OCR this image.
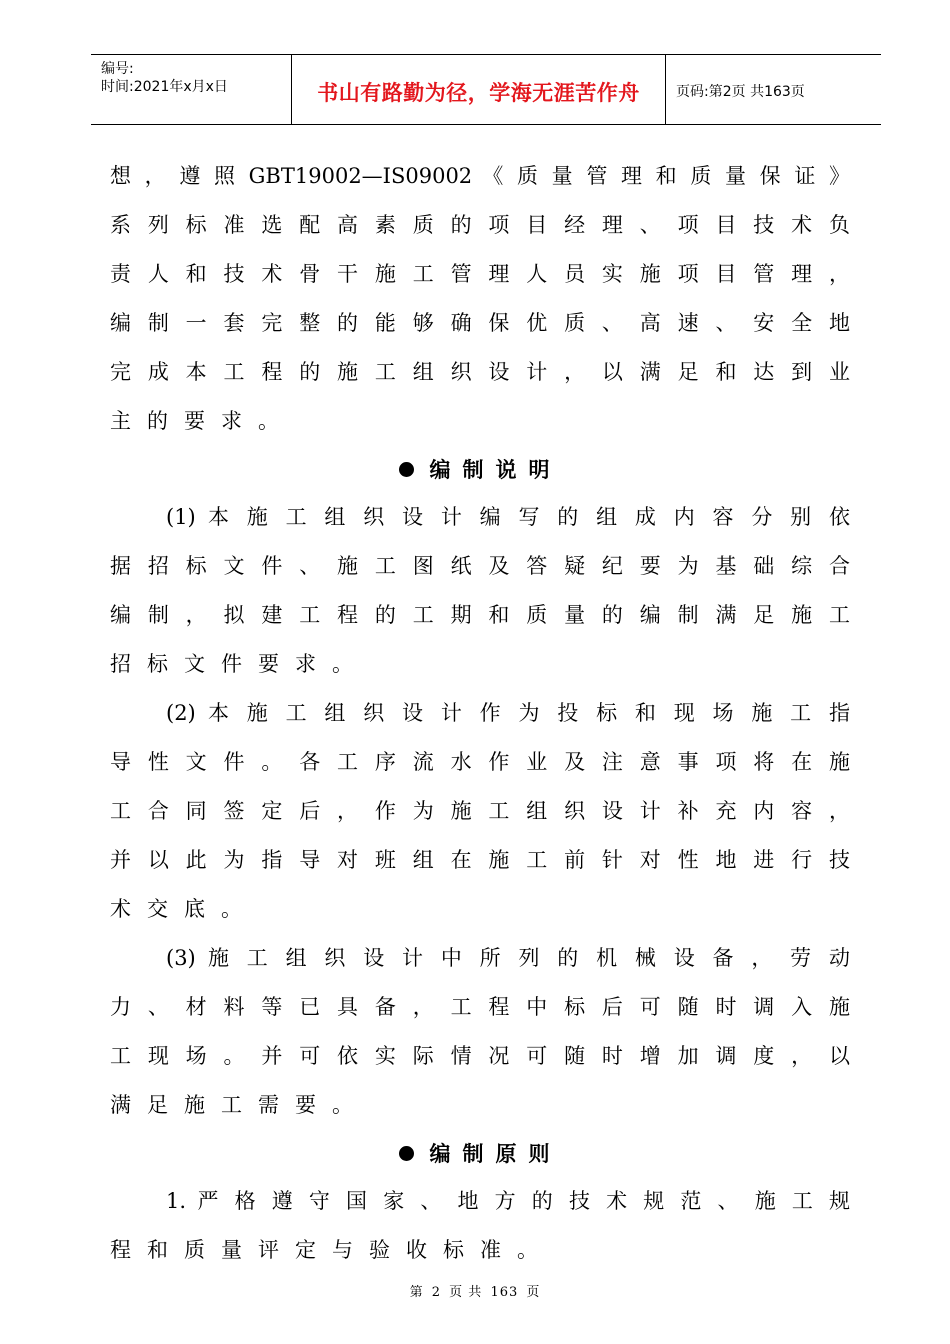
编号:
时间:2021年x月x日	书山有路勤为径，学海无涯苦作舟	页码:第2页 共163页
想 ， 遵 照 GBT19002—IS09002 《 质 量 管 理 和 质 量 保 证 》
系 列 标 准 选 配 高 素 质 的 项 目 经 理 、 项 目 技 术 负
责 人 和 技 术 骨 干 施 工 管 理 人 员 实 施 项 目 管 理 ，
编 制 一 套 完 整 的 能 够 确 保 优 质 、 高 速 、 安 全 地
完 成 本 工 程 的 施 工 组 织 设 计 ， 以 满 足 和 达 到 业
主的要求。
编制说明
(1) 本 施 工 组 织 设 计 编 写 的 组 成 内 容 分 别 依
据 招 标 文 件 、 施 工 图 纸 及 答 疑 纪 要 为 基 础 综 合
编 制 ， 拟 建 工 程 的 工 期 和 质 量 的 编 制 满 足 施 工
招标文件要求。
(2) 本 施 工 组 织 设 计 作 为 投 标 和 现 场 施 工 指
导 性 文 件 。 各 工 序 流 水 作 业 及 注 意 事 项 将 在 施
工 合 同 签 定 后 ， 作 为 施 工 组 织 设 计 补 充 内 容 ，
并 以 此 为 指 导 对 班 组 在 施 工 前 针 对 性 地 进 行 技
术交底。
(3) 施 工 组 织 设 计 中 所 列 的 机 械 设 备 ， 劳 动
力 、 材 料 等 已 具 备 ， 工 程 中 标 后 可 随 时 调 入 施
工 现 场 。 并 可 依 实 际 情 况 可 随 时 增 加 调 度 ， 以
满足施工需要。
编制原则
1. 严 格 遵 守 国 家 、 地 方 的 技 术 规 范 、 施 工 规
程和质量评定与验收标准。
第 2 页 共 163 页
